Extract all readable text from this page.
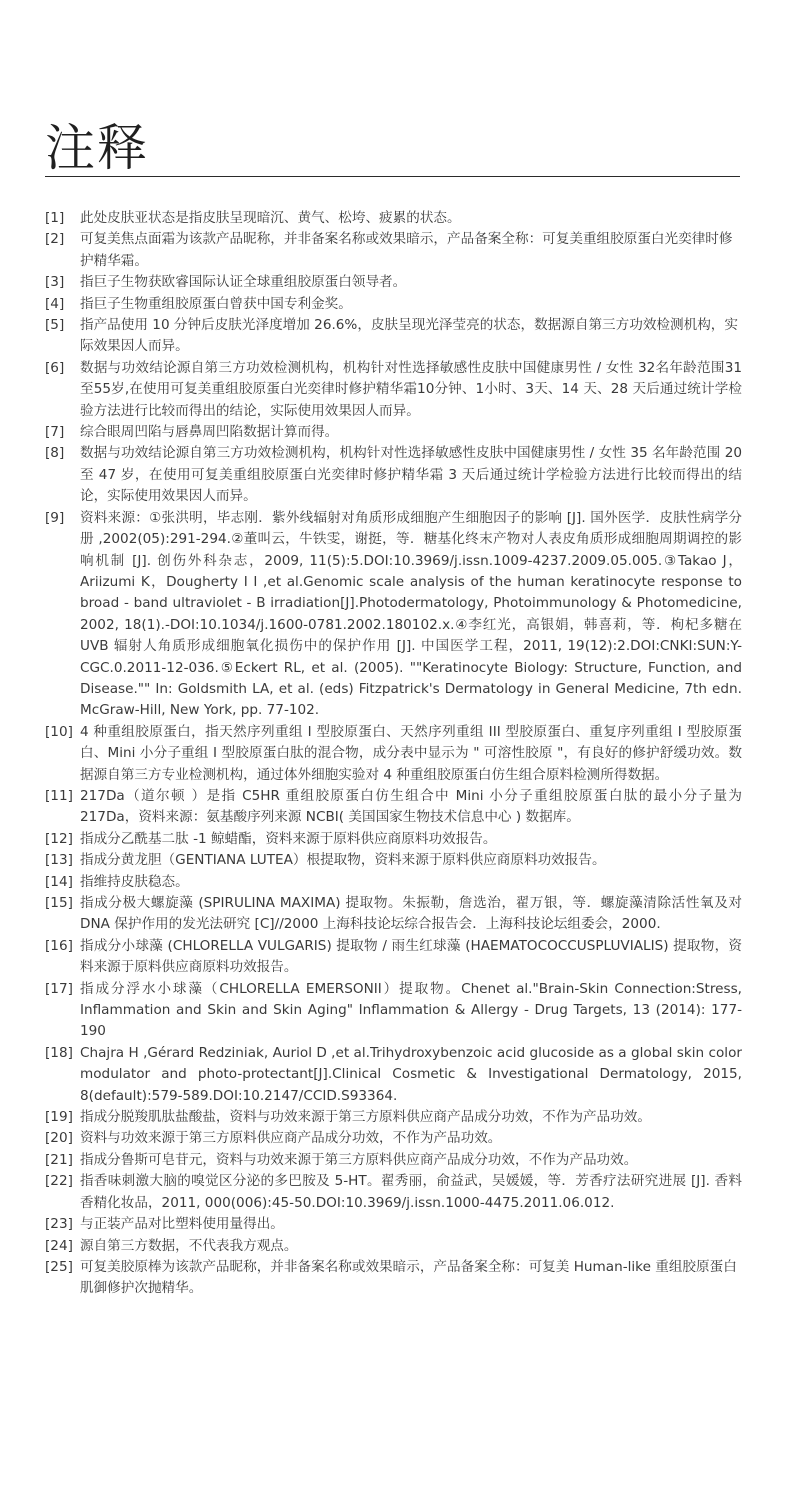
注释
[1]	此处皮肤亚状态是指皮肤呈现暗沉、黄气、松垮、疲累的状态。
[2]	可复美焦点面霜为该款产品昵称，并非备案名称或效果暗示，产品备案全称：可复美重组胶原蛋白光奕律时修护精华霜。
[3]	指巨子生物获欧睿国际认证全球重组胶原蛋白领导者。
[4]	指巨子生物重组胶原蛋白曾获中国专利金奖。
[5]	指产品使用 10 分钟后皮肤光泽度增加 26.6%，皮肤呈现光泽莹亮的状态，数据源自第三方功效检测机构，实际效果因人而异。
[6]	数据与功效结论源自第三方功效检测机构，机构针对性选择敏感性皮肤中国健康男性 / 女性 32名年龄范围31至55岁,在使用可复美重组胶原蛋白光奕律时修护精华霜10分钟、1小时、3天、14 天、28 天后通过统计学检验方法进行比较而得出的结论，实际使用效果因人而异。
[7]	综合眼周凹陷与唇鼻周凹陷数据计算而得。
[8]	数据与功效结论源自第三方功效检测机构，机构针对性选择敏感性皮肤中国健康男性 / 女性 35 名年龄范围 20 至 47 岁，在使用可复美重组胶原蛋白光奕律时修护精华霜 3 天后通过统计学检验方法进行比较而得出的结论，实际使用效果因人而异。
[9]	资料来源：①张洪明，毕志刚．紫外线辐射对角质形成细胞产生细胞因子的影响 [J]. 国外医学．皮肤性病学分册 ,2002(05):291-294.②董叫云，牛铁雯，谢挺，等．糖基化终末产物对人表皮角质形成细胞周期调控的影响机制 [J]. 创伤外科杂志，2009, 11(5):5.DOI:10.3969/j.issn.1009-4237.2009.05.005.③Takao J，Ariizumi K，Dougherty I I ,et al.Genomic scale analysis of the human keratinocyte response to broad - band ultraviolet - B irradiation[J].Photodermatology, Photoimmunology & Photomedicine, 2002, 18(1).-DOI:10.1034/j.1600-0781.2002.180102.x.④李红光，高银娟，韩喜莉，等．枸杞多糖在 UVB 辐射人角质形成细胞氧化损伤中的保护作用 [J]. 中国医学工程，2011, 19(12):2.DOI:CNKI:SUN:Y-CGC.0.2011-12-036.⑤Eckert RL, et al. (2005). ""Keratinocyte Biology: Structure, Function, and Disease."" In: Goldsmith LA, et al. (eds) Fitzpatrick's Dermatology in General Medicine, 7th edn. McGraw-Hill, New York, pp. 77-102.
[10] 4 种重组胶原蛋白，指天然序列重组 I 型胶原蛋白、天然序列重组 III 型胶原蛋白、重复序列重组 I 型胶原蛋白、Mini 小分子重组 I 型胶原蛋白肽的混合物，成分表中显示为 " 可溶性胶原 "，有良好的修护舒缓功效。数据源自第三方专业检测机构，通过体外细胞实验对 4 种重组胶原蛋白仿生组合原料检测所得数据。
[11] 217Da（道尔顿 ）是指 C5HR 重组胶原蛋白仿生组合中 Mini 小分子重组胶原蛋白肽的最小分子量为 217Da，资料来源：氨基酸序列来源 NCBI( 美国国家生物技术信息中心 ) 数据库。
[12] 指成分乙酰基二肽 -1 鲸蜡酯，资料来源于原料供应商原料功效报告。
[13] 指成分黄龙胆（GENTIANA LUTEA）根提取物，资料来源于原料供应商原料功效报告。
[14] 指维持皮肤稳态。
[15] 指成分极大螺旋藻 (SPIRULINA MAXIMA) 提取物。朱振勒，詹选治，翟万银，等．螺旋藻清除活性氧及对 DNA 保护作用的发光法研究 [C]//2000 上海科技论坛综合报告会．上海科技论坛组委会，2000.
[16] 指成分小球藻 (CHLORELLA VULGARIS) 提取物 / 雨生红球藻 (HAEMATOCOCCUSPLUVIALIS) 提取物，资料来源于原料供应商原料功效报告。
[17] 指成分浮水小球藻（CHLORELLA EMERSONII）提取物。Chenet al."Brain-Skin Connection:Stress, Inflammation and Skin and Skin Aging" Inflammation & Allergy - Drug Targets, 13 (2014): 177-190
[18] Chajra H ,Gérard Redziniak, Auriol D ,et al.Trihydroxybenzoic acid glucoside as a global skin color modulator and photo-protectant[J].Clinical Cosmetic & Investigational Dermatology, 2015, 8(default):579-589.DOI:10.2147/CCID.S93364.
[19] 指成分脱羧肌肽盐酸盐，资料与功效来源于第三方原料供应商产品成分功效，不作为产品功效。
[20] 资料与功效来源于第三方原料供应商产品成分功效，不作为产品功效。
[21] 指成分鲁斯可皂苷元，资料与功效来源于第三方原料供应商产品成分功效，不作为产品功效。
[22] 指香味刺激大脑的嗅觉区分泌的多巴胺及 5-HT。翟秀丽，俞益武，吴媛媛，等．芳香疗法研究进展 [J]. 香料香精化妆品，2011, 000(006):45-50.DOI:10.3969/j.issn.1000-4475.2011.06.012.
[23] 与正装产品对比塑料使用量得出。
[24] 源自第三方数据，不代表我方观点。
[25] 可复美胶原棒为该款产品昵称，并非备案名称或效果暗示，产品备案全称：可复美 Human-like 重组胶原蛋白肌御修护次抛精华。
